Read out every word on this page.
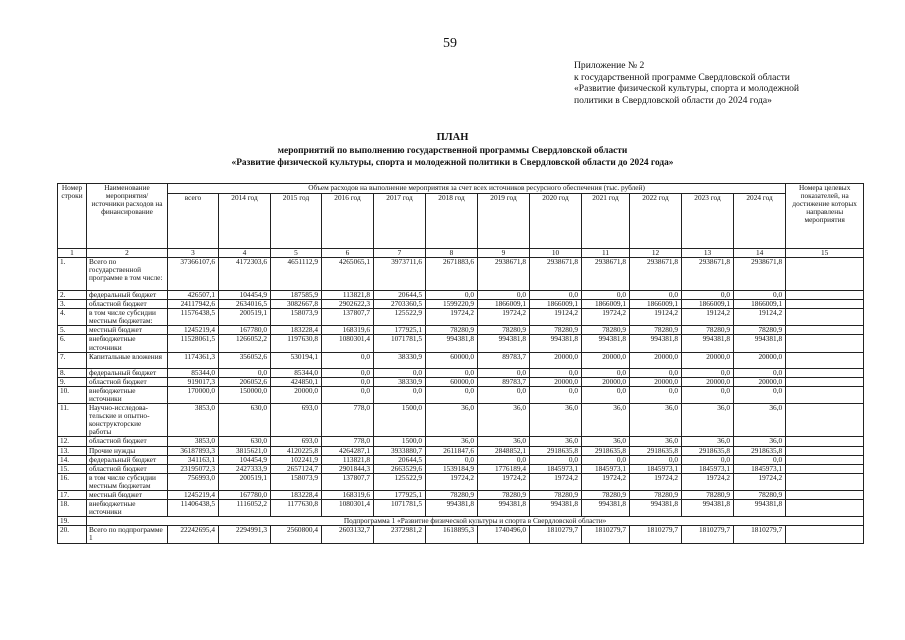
59
Приложение № 2
к государственной программе Свердловской области
«Развитие физической культуры, спорта и молодежной
политики в Свердловской области до 2024 года»
ПЛАН
мероприятий по выполнению государственной программы Свердловской области
«Развитие физической культуры, спорта и молодежной политики в Свердловской области до 2024 года»
Номер строки	Наименование мероприятия/ источники расходов на финансирование	Объем расходов на выполнение мероприятия за счет всех источников ресурсного обеспечения (тыс. рублей)												Номера целевых показателей, на достижение которых направлены мероприятия
		всего	2014 год	2015 год	2016 год	2017 год	2018 год	2019 год	2020 год	2021 год	2022 год	2023 год	2024 год	
1	2	3	4	5	6	7	8	9	10	11	12	13	14	15
1.	Всего по государственной программе в том числе:	37366107,6	4172303,6	4651112,9	4265065,1	3973711,6	2671883,6	2938671,8	2938671,8	2938671,8	2938671,8	2938671,8	2938671,8	
2.	федеральный бюджет	426507,1	104454,9	187585,9	113821,8	20644,5	0,0	0,0	0,0	0,0	0,0	0,0	0,0	
3.	областной бюджет	24117942,6	2634016,5	3082667,8	2902622,3	2703360,5	1599220,9	1866009,1	1866009,1	1866009,1	1866009,1	1866009,1	1866009,1	
4.	в том числе субсидии местным бюджетам:	11576438,5	200519,1	158073,9	137807,7	125522,9	19724,2	19724,2	19124,2	19724,2	19124,2	19124,2	19124,2	
5.	местный бюджет	1245219,4	167780,0	183228,4	168319,6	177925,1	78280,9	78280,9	78280,9	78280,9	78280,9	78280,9	78280,9	
6.	внебюджетные источники	11528061,5	1266052,2	1197630,8	1080301,4	1071781,5	994381,8	994381,8	994381,8	994381,8	994381,8	994381,8	994381,8	
7.	Капитальные вложения	1174361,3	356052,6	530194,1	0,0	38330,9	60000,0	89783,7	20000,0	20000,0	20000,0	20000,0	20000,0	
8.	федеральный бюджет	85344,0	0,0	85344,0	0,0	0,0	0,0	0,0	0,0	0,0	0,0	0,0	0,0	
9.	областной бюджет	919017,3	206052,6	424850,1	0,0	38330,9	60000,0	89783,7	20000,0	20000,0	20000,0	20000,0	20000,0	
10.	внебюджетные источники	170000,0	150000,0	20000,0	0,0	0,0	0,0	0,0	0,0	0,0	0,0	0,0	0,0	
11.	Научно-исследова-тельские и опытно-конструкторские работы	3853,0	630,0	693,0	778,0	1500,0	36,0	36,0	36,0	36,0	36,0	36,0	36,0	
12.	областной бюджет	3853,0	630,0	693,0	778,0	1500,0	36,0	36,0	36,0	36,0	36,0	36,0	36,0	
13.	Прочие нужды	36187893,3	3815621,0	4120225,8	4264287,1	3933880,7	2611847,6	2848852,1	2918635,8	2918635,8	2918635,8	2918635,8	2918635,8	
14.	федеральный бюджет	341163,1	104454,9	102241,9	113821,8	20644,5	0,0	0,0	0,0	0,0	0,0	0,0	0,0	
15.	областной бюджет	23195072,3	2427333,9	2657124,7	2901844,3	2663529,6	1539184,9	1776189,4	1845973,1	1845973,1	1845973,1	1845973,1	1845973,1	
16.	в том числе субсидии местным бюджетам	756993,0	200519,1	158073,9	137807,7	125522,9	19724,2	19724,2	19724,2	19724,2	19724,2	19724,2	19724,2	
17.	местный бюджет	1245219,4	167780,0	183228,4	168319,6	177925,1	78280,9	78280,9	78280,9	78280,9	78280,9	78280,9	78280,9	
18.	внебюджетные источники	11406438,5	1116052,2	1177630,8	1080301,4	1071781,5	994381,8	994381,8	994381,8	994381,8	994381,8	994381,8	994381,8	
19.	Подпрограмма 1 «Развитие физической культуры и спорта в Свердловской области»													
20.	Всего по подпрограмме 1	22242695,4	2294991,3	2560800,4	2603132,7	2372981,2	1618895,3	1740496,0	1810279,7	1810279,7	1810279,7	1810279,7	1810279,7	
